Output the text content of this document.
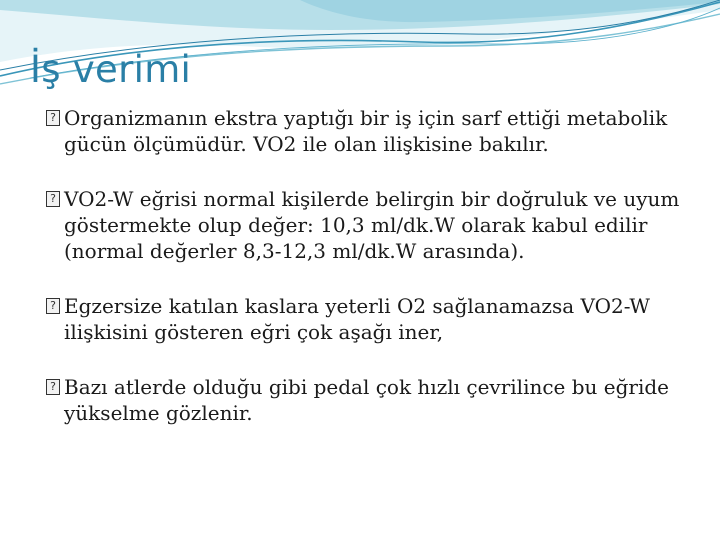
İş verimi
?
Organizmanın ekstra yaptığı bir iş için sarf ettiği metabolik gücün ölçümüdür. VO2 ile olan ilişkisine bakılır.
?
VO2-W eğrisi normal kişilerde belirgin bir doğruluk ve uyum göstermekte olup değer: 10,3 ml/dk.W olarak kabul edilir (normal değerler 8,3-12,3 ml/dk.W arasında).
?
Egzersize katılan kaslara yeterli O2 sağlanamazsa VO2-W ilişkisini gösteren eğri çok aşağı iner,
?
Bazı atlerde olduğu gibi pedal çok hızlı çevrilince bu eğride yükselme gözlenir.
